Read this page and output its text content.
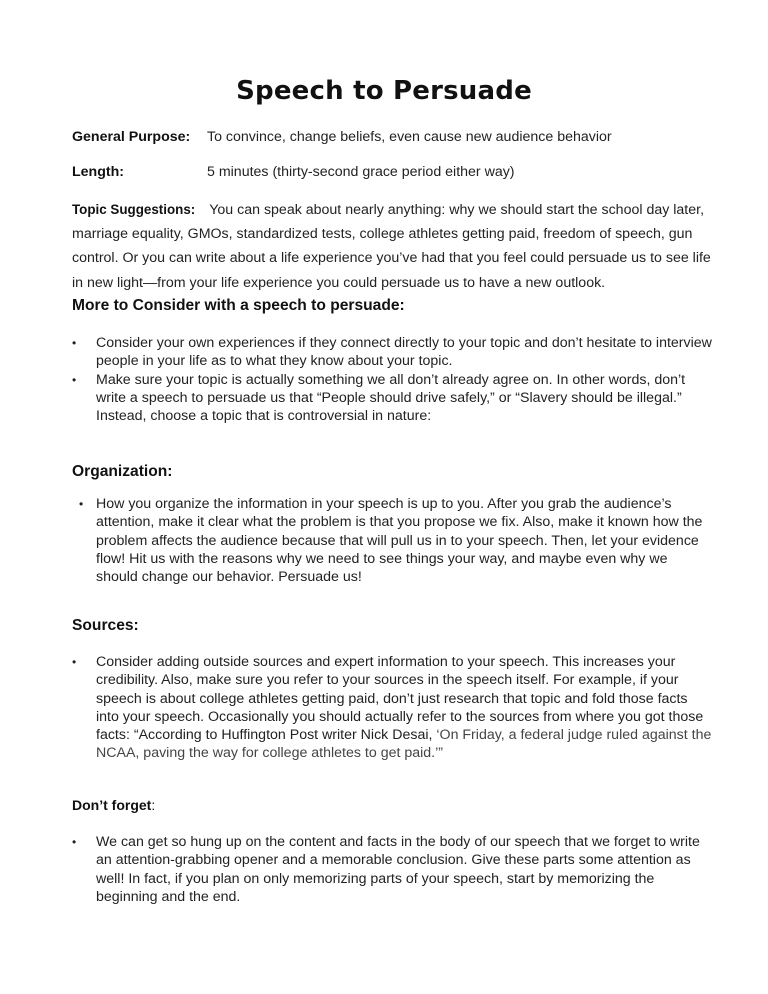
Speech to Persuade
General Purpose: To convince, change beliefs, even cause new audience behavior
Length:	5 minutes (thirty-second grace period either way)

Topic Suggestions: You can speak about nearly anything: why we should start the school day later, marriage equality, GMOs, standardized tests, college athletes getting paid, freedom of speech, gun control. Or you can write about a life experience you’ve had that you feel could persuade us to see life in new light—from your life experience you could persuade us to have a new outlook.

More to Consider with a speech to persuade:
• Consider your own experiences if they connect directly to your topic and don’t hesitate to interview people in your life as to what they know about your topic.
• Make sure your topic is actually something we all don’t already agree on. In other words, don’t write a speech to persuade us that “People should drive safely,” or “Slavery should be illegal.” Instead, choose a topic that is controversial in nature:
Organization:
• How you organize the information in your speech is up to you. After you grab the audience’s attention, make it clear what the problem is that you propose we fix. Also, make it known how the problem affects the audience because that will pull us in to your speech. Then, let your evidence flow! Hit us with the reasons why we need to see things your way, and maybe even why we should change our behavior. Persuade us!
Sources:
• Consider adding outside sources and expert information to your speech. This increases your credibility. Also, make sure you refer to your sources in the speech itself. For example, if your speech is about college athletes getting paid, don’t just research that topic and fold those facts into your speech. Occasionally you should actually refer to the sources from where you got those facts: “According to Huffington Post writer Nick Desai, ‘On Friday, a federal judge ruled against the NCAA, paving the way for college athletes to get paid.’”
Don’t forget:
• We can get so hung up on the content and facts in the body of our speech that we forget to write an attention-grabbing opener and a memorable conclusion. Give these parts some attention as well! In fact, if you plan on only memorizing parts of your speech, start by memorizing the beginning and the end.
